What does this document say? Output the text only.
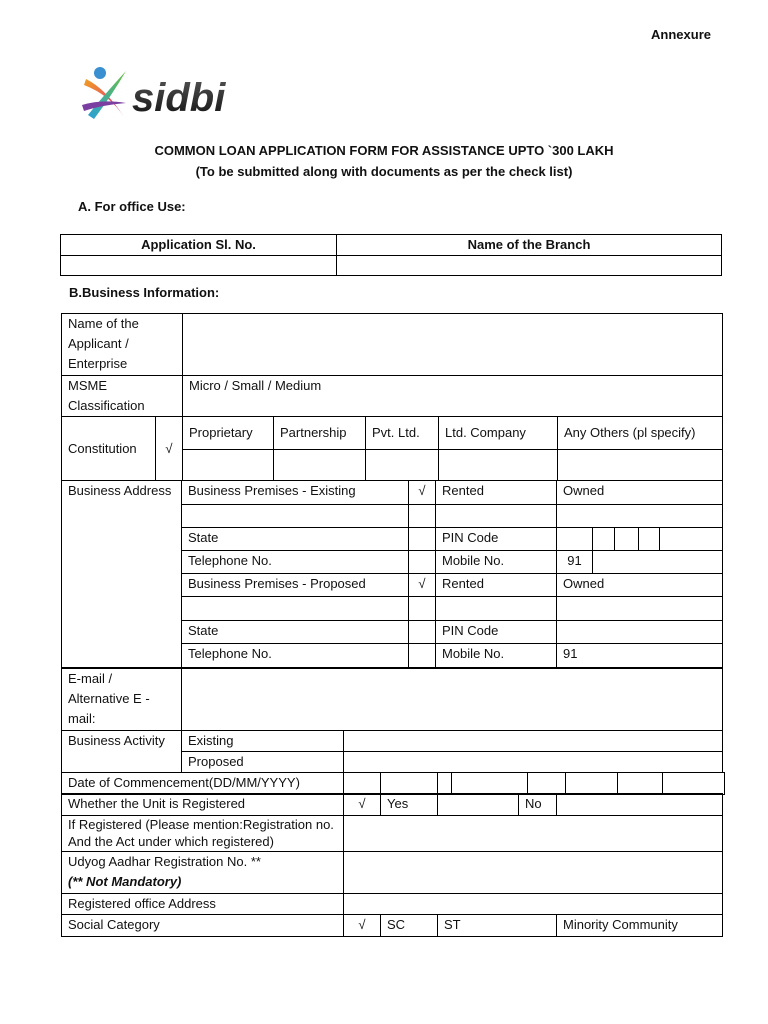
Annexure
sidbi
COMMON LOAN APPLICATION FORM FOR ASSISTANCE UPTO `300 LAKH
(To be submitted along with documents as per the check list)
A. For office Use:
Application Sl. No.	Name of the Branch

B.Business Information:
Name of the Applicant / Enterprise						
MSME Classification		Micro / Small / Medium				
Constitution	√	Proprietary	Partnership	Pvt. Ltd.	Ltd. Company	Any Others (pl specify)

Business Address	Business Premises - Existing	√	Rented	Owned				

	State		PIN Code					
	Telephone No.		Mobile No.	91				
	Business Premises - Proposed	√	Rented	Owned				

	State		PIN Code					
	Telephone No.		Mobile No.	91				
E-mail / Alternative E - mail:		
Business Activity	Existing	
	Proposed	
Date of Commencement(DD/MM/YYYY)								
Whether the Unit is Registered	√	Yes		No	
If Registered (Please mention:Registration no. And the Act under which registered)					

Udyog Aadhar Registration No. **
(** Not Mandatory)					

Registered office Address					
Social Category	√	SC	ST		Minority Community
